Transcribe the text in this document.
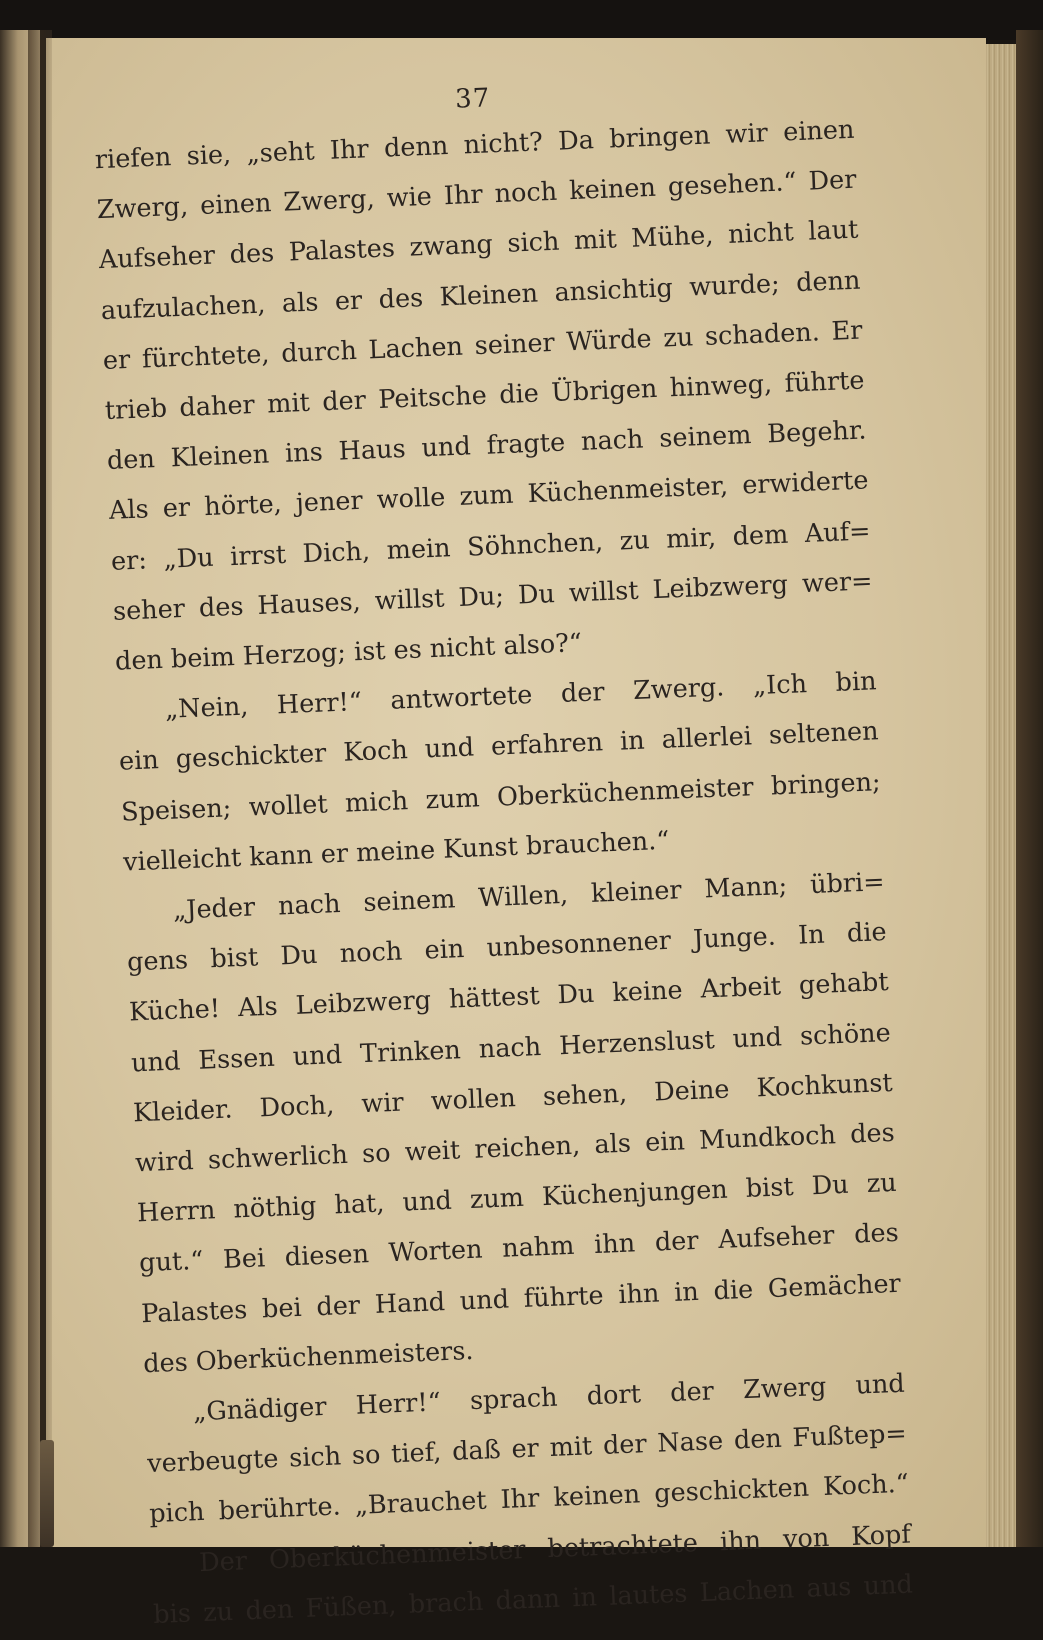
37
riefen sie, „seht Ihr denn nicht? Da bringen wir einen
Zwerg, einen Zwerg, wie Ihr noch keinen gesehen.“ Der
Aufseher des Palastes zwang sich mit Mühe, nicht laut
aufzulachen, als er des Kleinen ansichtig wurde; denn
er fürchtete, durch Lachen seiner Würde zu schaden. Er
trieb daher mit der Peitsche die Übrigen hinweg, führte
den Kleinen ins Haus und fragte nach seinem Begehr.
Als er hörte, jener wolle zum Küchenmeister, erwiderte
er: „Du irrst Dich, mein Söhnchen, zu mir, dem Auf=
seher des Hauses, willst Du; Du willst Leibzwerg wer=
den beim Herzog; ist es nicht also?“
„Nein, Herr!“ antwortete der Zwerg. „Ich bin
ein geschickter Koch und erfahren in allerlei seltenen
Speisen; wollet mich zum Oberküchenmeister bringen;
vielleicht kann er meine Kunst brauchen.“
„Jeder nach seinem Willen, kleiner Mann; übri=
gens bist Du noch ein unbesonnener Junge. In die
Küche! Als Leibzwerg hättest Du keine Arbeit gehabt
und Essen und Trinken nach Herzenslust und schöne
Kleider. Doch, wir wollen sehen, Deine Kochkunst
wird schwerlich so weit reichen, als ein Mundkoch des
Herrn nöthig hat, und zum Küchenjungen bist Du zu
gut.“ Bei diesen Worten nahm ihn der Aufseher des
Palastes bei der Hand und führte ihn in die Gemächer
des Oberküchenmeisters.
„Gnädiger Herr!“ sprach dort der Zwerg und
verbeugte sich so tief, daß er mit der Nase den Fußtep=
pich berührte. „Brauchet Ihr keinen geschickten Koch.“
Der Oberküchenmeister betrachtete ihn von Kopf
bis zu den Füßen, brach dann in lautes Lachen aus und
